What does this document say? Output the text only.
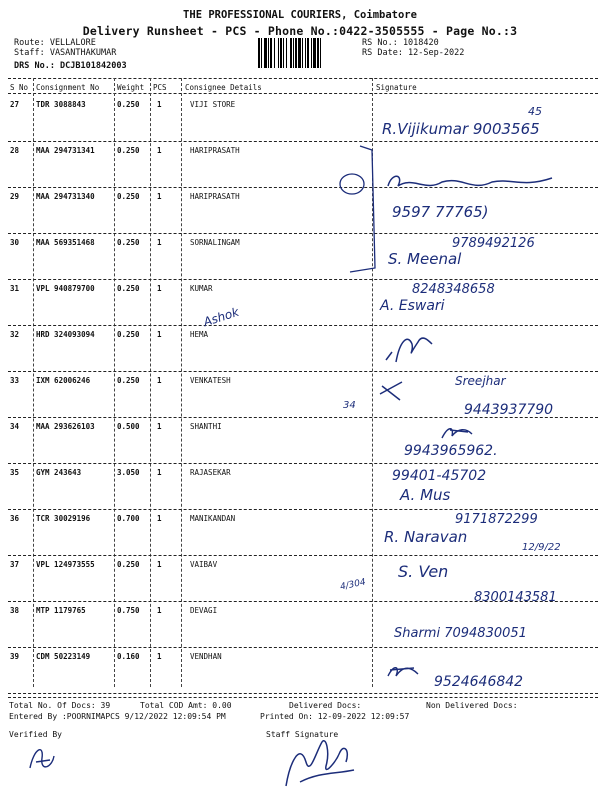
THE PROFESSIONAL COURIERS, Coimbatore
Delivery Runsheet - PCS - Phone No.:0422-3505555 - Page No.:3
Route: VELLALORE
Staff: VASANTHAKUMAR
DRS No.: DCJB101842003
RS No.: 1018420
RS Date: 12-Sep-2022
S No Consignment No Weight PCS Consignee Details	Signature
27 TDR 3088843	0.250 1	VIJI STORE
28 MAA 294731341	0.250 1	HARIPRASATH
29 MAA 294731340	0.250 1	HARIPRASATH
30 MAA 569351468	0.250 1	SORNALINGAM
31 VPL 940879700	0.250 1	KUMAR
32 HRD 324093094	0.250 1	HEMA
33 IXM 62006246	0.250 1	VENKATESH
34 MAA 293626103	0.500 1	SHANTHI
35 GYM 243643	3.050 1	RAJASEKAR
36 TCR 30029196	0.700 1	MANIKANDAN
37 VPL 124973555	0.250 1	VAIBAV
38 MTP 1179765	0.750 1	DEVAGI
39 CDM 50223149	0.160 1	VENDHAN
45
R.Vijikumar 9003565
9597 77765)
9789492126
S. Meenal
8248348658
A. Eswari
Ashok
Sreejhar
9443937790
34
9943965962.
99401-45702
A. Mus
9171872299
R. Naravan
12/9/22
S. Ven
8300143581
4/304
Sharmi 7094830051
9524646842
Total No. Of Docs: 39	Total COD Amt: 0.00	Delivered Docs:	Non Delivered Docs:
Entered By :POORNIMAPCS 9/12/2022 12:09:54 PM	Printed On: 12-09-2022 12:09:57
Verified By	Staff Signature
